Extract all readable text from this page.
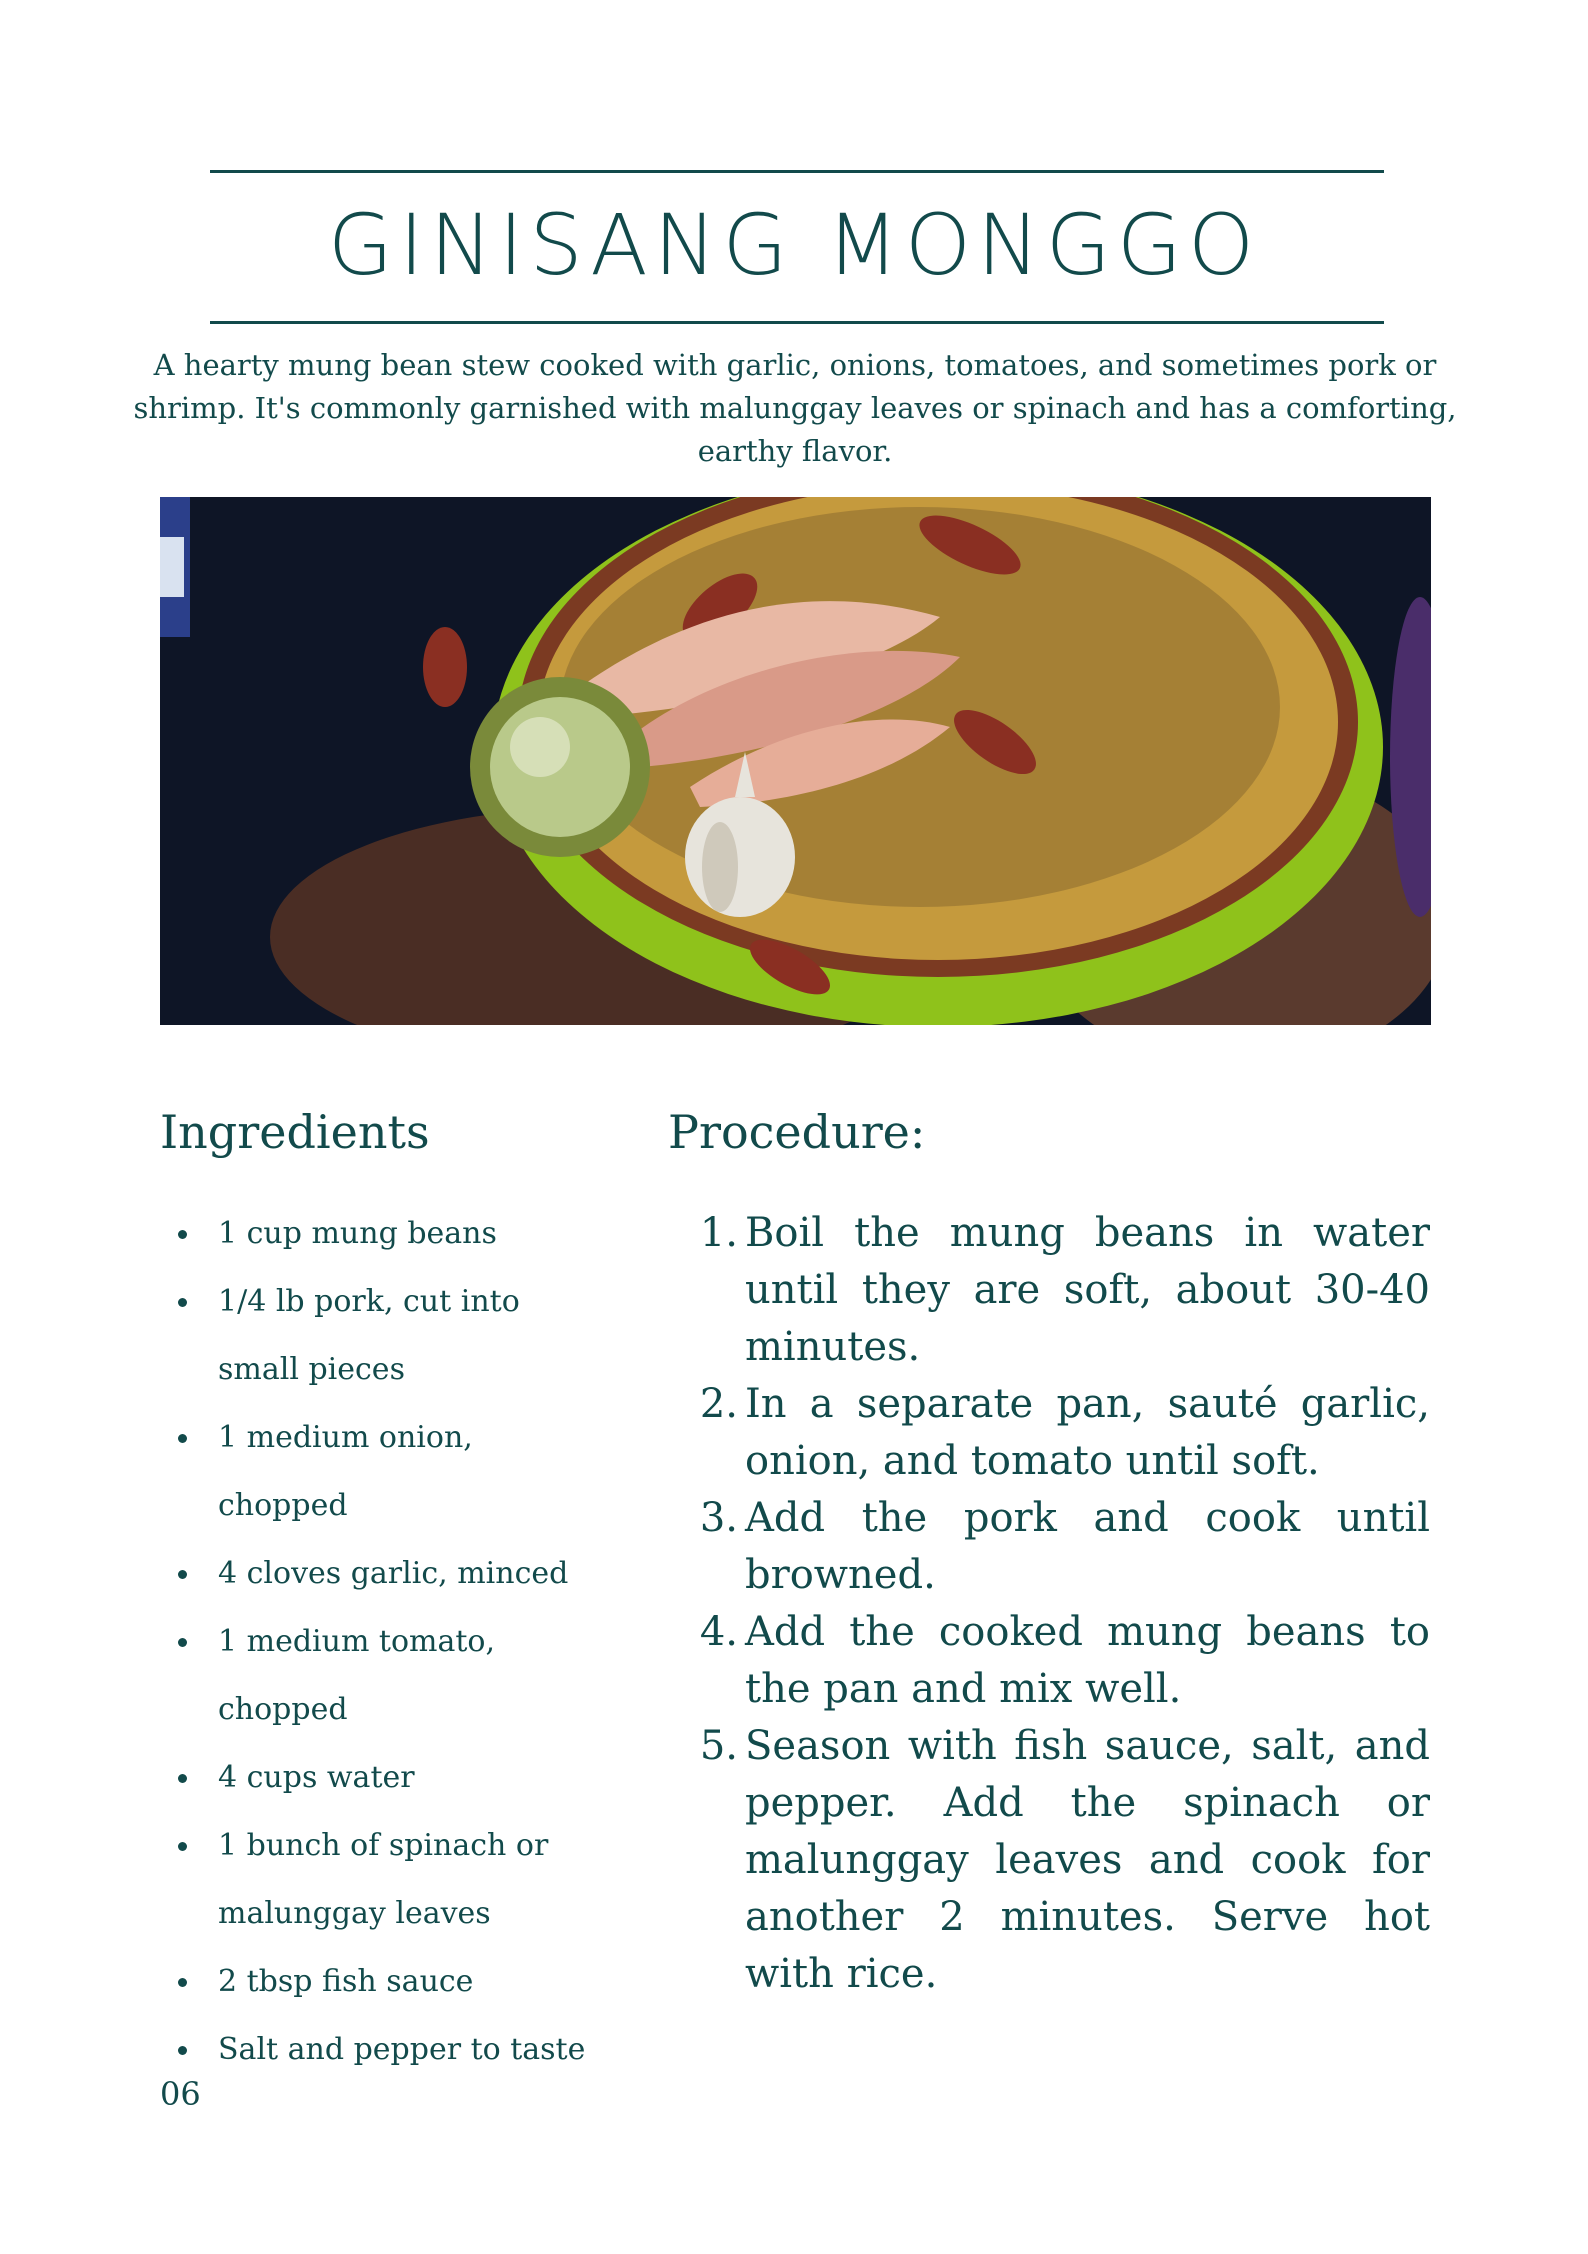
GINISANG MONGGO
A hearty mung bean stew cooked with garlic, onions, tomatoes, and sometimes pork or shrimp. It's commonly garnished with malunggay leaves or spinach and has a comforting, earthy flavor.
Ingredients	Procedure:
1 cup mung beans
1/4 lb pork, cut into small pieces
1 medium onion, chopped
4 cloves garlic, minced
1 medium tomato, chopped
4 cups water
1 bunch of spinach or malunggay leaves
2 tbsp fish sauce
Salt and pepper to taste
1. Boil the mung beans in water until they are soft, about 30-40 minutes.
2. In a separate pan, sauté garlic, onion, and tomato until soft.
3. Add the pork and cook until browned.
4. Add the cooked mung beans to the pan and mix well.
5. Season with fish sauce, salt, and pepper. Add the spinach or malunggay leaves and cook for another 2 minutes. Serve hot with rice.
06
